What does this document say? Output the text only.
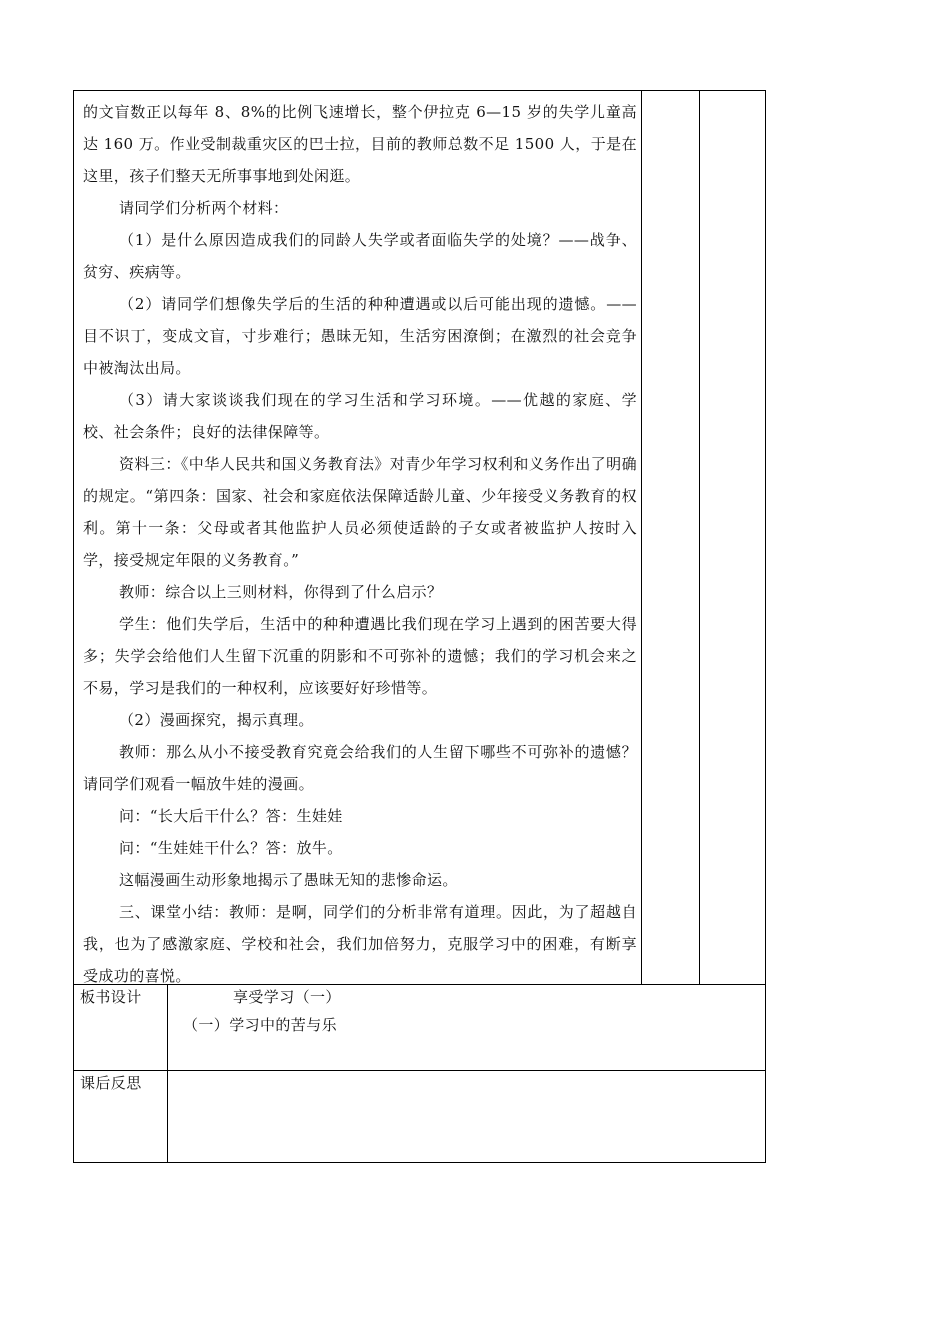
的文盲数正以每年 8、8%的比例飞速增长，整个伊拉克 6—15 岁的失学儿童高达 160 万。作业受制裁重灾区的巴士拉，目前的教师总数不足 1500 人，于是在这里，孩子们整天无所事事地到处闲逛。

请同学们分析两个材料：

（1）是什么原因造成我们的同龄人失学或者面临失学的处境？——战争、贫穷、疾病等。

（2）请同学们想像失学后的生活的种种遭遇或以后可能出现的遗憾。——目不识丁，变成文盲，寸步难行；愚昧无知，生活穷困潦倒；在激烈的社会竞争中被淘汰出局。

（3）请大家谈谈我们现在的学习生活和学习环境。——优越的家庭、学校、社会条件；良好的法律保障等。

资料三：《中华人民共和国义务教育法》对青少年学习权利和义务作出了明确的规定。“第四条：国家、社会和家庭依法保障适龄儿童、少年接受义务教育的权利。第十一条：父母或者其他监护人员必须使适龄的子女或者被监护人按时入学，接受规定年限的义务教育。”

教师：综合以上三则材料，你得到了什么启示？

学生：他们失学后，生活中的种种遭遇比我们现在学习上遇到的困苦要大得多；失学会给他们人生留下沉重的阴影和不可弥补的遗憾；我们的学习机会来之不易，学习是我们的一种权利，应该要好好珍惜等。

（2）漫画探究，揭示真理。

教师：那么从小不接受教育究竟会给我们的人生留下哪些不可弥补的遗憾？请同学们观看一幅放牛娃的漫画。

问：“长大后干什么？答：生娃娃

问：“生娃娃干什么？答：放牛。

这幅漫画生动形象地揭示了愚昧无知的悲惨命运。

三、课堂小结：教师：是啊，同学们的分析非常有道理。因此，为了超越自我，也为了感激家庭、学校和社会，我们加倍努力，克服学习中的困难，有断享受成功的喜悦。

板书设计	享受学习（一）
（一）学习中的苦与乐
课后反思
